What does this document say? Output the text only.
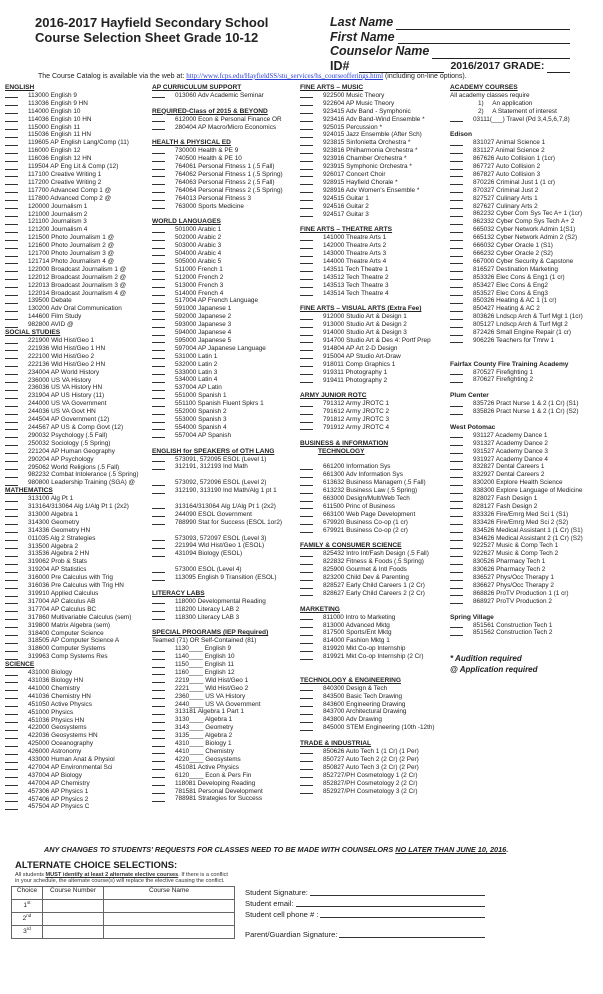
2016-2017 Hayfield Secondary School
Course Selection Sheet Grade 10-12
Last Name
First Name
Counselor Name
ID#	2016/2017 GRADE:
The Course Catalog is available via the web at: http://www.fcps.edu/HayfieldSS/stu_services/hs_courseofferings.html (including on-line options).
ENGLISH
113000 English 9
113036 English 9 HN
114000 English 10
114036 English 10 HN
115000 English 11
115036 English 11 HN
119605 AP English Lang/Comp (11)
116000 English 12
116036 English 12 HN
119504 AP Eng Lit & Comp (12)
117100 Creative Writing 1
117200 Creative Writing 2
117700 Advanced Comp 1 @
117800 Advanced Comp 2 @
120000 Journalism 1
121000 Journalism 2
121100 Journalism 3
121200 Journalism 4
121500 Photo Journalism 1 @
121600 Photo Journalism 2 @
121700 Photo Journalism 3 @
121714 Photo Journalism 4 @
122000 Broadcast Journalism 1 @
122012 Broadcast Journalism 2 @
122013 Broadcast Journalism 3 @
122014 Broadcast Journalism 4 @
139500 Debate
130200 Adv Oral Communication
144600 Film Study
982800 AVID @
SOCIAL STUDIES
221900 Wld Hist/Geo 1
221936 Wld Hist/Geo 1 HN
222100 Wld Hist/Geo 2
222136 Wld Hist/Geo 2 HN
234004 AP World History
236000 US VA History
236036 US VA History HN
231904 AP US History (11)
244000 US VA Government
244036 US VA Govt HN
244504 AP Government (12)
244567 AP US & Comp Govt (12)
290032 Psychology (.5 Fall)
250032 Sociology (.5 Spring)
221204 AP Human Geography
290204 AP Psychology
295062 World Religions (.5 Fall)
982232 Combat Intolerance (.5 Spring)
980800 Leadership Training (SGA) @
MATHEMATICS
313100 Alg Pt 1
313164/313064 Alg 1/Alg Pt 1 (2x2)
313000 Algebra 1
314300 Geometry
314336 Geometry HN
011035 Alg 2 Strategies
313500 Algebra 2
313536 Algebra 2 HN
319062 Prob & Stats
319204 AP Statistics
316000 Pre Calculus with Trig
316036 Pre Calculus with Trig HN
319910 Applied Calculus
317004 AP Calculus AB
317704 AP Calculus BC
317860 Multivariable Calculus (sem)
319800 Matrix Algebra (sem)
318400 Computer Science
318505 AP Computer Science A
318600 Computer Systems
319963 Comp Systems Res
SCIENCE
431000 Biology
431036 Biology HN
441000 Chemistry
441036 Chemistry HN
451050 Active Physics
451000 Physics
451036 Physics HN
422000 Geosystems
422036 Geosystems HN
425000 Oceanography
426000 Astronomy
433000 Human Anat & Physiol
427004 AP Environmental Sci
437004 AP Biology
447004 AP Chemistry
457306 AP Physics 1
457406 AP Physics 2
457504 AP Physics C
AP CURRICULUM SUPPORT
013060 Adv Academic Seminar
REQUIRED-Class of 2015 & BEYOND
612000 Econ & Personal Finance OR
280404 AP Macro/Micro Economics
HEALTH & PHYSICAL ED
730000 Health & PE 9
740500 Health & PE 10
764061 Personal Fitness 1 (.5 Fall)
764062 Personal Fitness 1 (.5 Spring)
764063 Personal Fitness 2 (.5 Fall)
764064 Personal Fitness 2 (.5 Spring)
764013 Personal Fitness 3
763000 Sports Medicine
WORLD LANGUAGES
501000 Arabic 1
502000 Arabic 2
503000 Arabic 3
504000 Arabic 4
505000 Arabic 5
511000 French 1
512000 French 2
513000 French 3
514000 French 4
517004 AP French Language
591000 Japanese 1
592000 Japanese 2
593000 Japanese 3
594000 Japanese 4
595000 Japanese 5
597004 AP Japanese Language
531000 Latin 1
532000 Latin 2
533000 Latin 3
534000 Latin 4
537004 AP Latin
551000 Spanish 1
551100 Spanish Fluent Spkrs 1
552000 Spanish 2
553000 Spanish 3
554000 Spanish 4
557004 AP Spanish
ENGLISH for SPEAKERS of OTH LANG
573091, 572095 ESOL (Level 1)
312191, 312193 Ind Math
573092, 572096 ESOL (Level 2)
312190, 313190 Ind Math/Alg 1 pt 1
313164/313064 Alg 1/Alg Pt 1 (2x2)
244090 ESOL Government
788990 Stat for Success (ESOL 1or2)
573093, 572097 ESOL (Level 3)
221994 Wld Hist/Geo 1 (ESOL)
431094 Biology (ESOL)
573000 ESOL (Level 4)
113095 English 9 Transition (ESOL)
LITERACY LABS
118000 Developmental Reading
118200 Literacy LAB 2
118300 Literacy LAB 3
SPECIAL PROGRAMS (IEP Required)
Teamed (71) OR Self-Contained (81)
1130____ English 9
1140____ English 10
1150____ English 11
1160____ English 12
2219____ Wld Hist/Geo 1
2221____ Wld Hist/Geo 2
2360____ US VA History
2440____ US VA Government
313181 Algebra 1 Part 1
3130____ Algebra 1
3143____ Geometry
3135____ Algebra 2
4310____ Biology 1
4410____ Chemistry
4220____ Geosystems
451081 Active Physics
6120____ Econ & Pers Fin
118081 Developing Reading
781581 Personal Development
788981 Strategies for Success
FINE ARTS – MUSIC
922500 Music Theory
922604 AP Music Theory
923415 Adv Band - Symphonic
923416 Adv Band-Wind Ensemble *
925015 Percussion *
924015 Jazz Ensemble (After Sch)
923815 Sinfonietta Orchestra *
923816 Philharmonia Orchestra *
923916 Chamber Orchestra *
923915 Symphonic Orchestra *
926017 Concert Choir
928915 Hayfield Chorale *
928916 Adv Women's Ensemble *
924515 Guitar 1
924516 Guitar 2
924517 Guitar 3
FINE ARTS – THEATRE ARTS
141000 Theatre Arts 1
142000 Theatre Arts 2
143000 Theatre Arts 3
144000 Theatre Arts 4
143511 Tech Theatre 1
143512 Tech Theatre 2
143513 Tech Theatre 3
143514 Tech Theatre 4
FINE ARTS – VISUAL ARTS (Extra Fee)
912000 Studio Art & Design 1
913000 Studio Art & Design 2
914000 Studio Art & Design 3
914700 Studio Art & Des 4: Portf Prep
914804 AP Art 2-D Design
915004 AP Studio Art-Draw
918011 Comp Graphics 1
919311 Photography 1
919411 Photography 2
ARMY JUNIOR ROTC
791312 Army JROTC 1
791612 Army JROTC 2
791812 Army JROTC 3
791912 Army JROTC 4
BUSINESS & INFORMATION
TECHNOLOGY
661200 Information Sys
661300 Adv Information Sys
613632 Business Managem (.5 Fall)
613232 Business Law (.5 Spring)
663000 Design/Mult/Web Tech
611500 Princ of Business
663100 Web Page Development
679920 Business Co-op (1 cr)
679921 Business Co-op (2 cr)
FAMILY & CONSUMER SCIENCE
825432 Intro Int/Fash Design (.5 Fall)
822832 Fitness & Foods (.5 Spring)
825900 Gourmet & Intl Foods
823200 Child Dev & Parenting
828527 Early Child Careers 1 (2 Cr)
828627 Early Child Careers 2 (2 Cr)
MARKETING
811000 Intro to Marketing
813000 Advanced Mktg
817500 Sports/Ent Mktg
814000 Fashion Mktg 1
819920 Mkt Co-op Internship
819921 Mkt Co-op Internship (2 Cr)
TECHNOLOGY & ENGINEERING
840300 Design & Tech
843500 Basic Tech Drawing
843600 Engineering Drawing
843700 Architectural Drawing
843800 Adv Drawing
845000 STEM Engineering (10th -12th)
TRADE & INDUSTRIAL
850626 Auto Tech 1 (1 Cr) (1 Per)
850727 Auto Tech 2 (2 Cr) (2 Per)
850827 Auto Tech 3 (2 Cr) (2 Per)
852727/PH Cosmetology 1 (2 Cr)
852827/PH Cosmetology 2 (2 Cr)
852927/PH Cosmetology 3 (2 Cr)
ACADEMY COURSES
All academy classes require
1)     An application
2)     A Statement of interest
03111(___) Travel (Pd 3,4,5,6,7,8)
Edison
831027 Animal Science 1
831127 Animal Science 2
867626 Auto Collision 1 (1cr)
867727 Auto Collision 2
867827 Auto Collision 3
870226 Criminal Just 1 (1 cr)
870327 Criminal Just 2
827527 Culinary Arts 1
827627 Culinary Arts 2
862232 Cyber Com Sys Tec A+ 1 (1cr)
862332 Cyber Comp Sys Tech A+ 2
665032 Cyber Network Admin 1(S1)
665132 Cyber Network Admin 2 (S2)
666032 Cyber Oracle 1 (S1)
666232 Cyber Oracle 2 (S2)
667000 Cyber Security & Capstone
816527 Destination Marketing
853326 Elec Cons & Eng1 (1 cr)
853427 Elec Cons & Eng2
853527 Elec Cons & Eng3
850326 Heating & AC 1 (1 cr)
850427 Heating & AC 2
803626 Lndscp Arch & Turf Mgt 1 (1cr)
805127 Lndscp Arch & Turf Mgt 2
872426 Small Engine Repair (1 cr)
906226 Teachers for Tmrw 1
Fairfax County Fire Training Academy
870527 Firefighting 1
870627 Firefighting 2
Plum Center
835726 Pract Nurse 1 & 2 (1 Cr) (S1)
835826 Pract Nurse 1 & 2 (1 Cr) (S2)
West Potomac
931127 Academy Dance 1
931327 Academy Dance 2
931527 Academy Dance 3
931927 Academy Dance 4
832827 Dental Careers 1
832927 Dental Careers 2
830200 Explore Health Science
838300 Explore Language of Medicine
828027 Fash Design 1
828127 Fash Design 2
833326 Fire/Emrg Med Sci 1 (S1)
833426 Fire/Emrg Med Sci 2 (S2)
834526 Medical Assistant 1 (1 Cr) (S1)
834626 Medical Assistant 2 (1 Cr) (S2)
922527 Music & Comp Tech 1
922627 Music & Comp Tech 2
830526 Pharmacy Tech 1
830626 Pharmacy Tech 2
836527 Phys/Occ Therapy 1
836627 Phys/Occ Therapy 2
868826 ProTV Production 1 (1 cr)
868927 ProTV Production 2
Spring Village
851561 Construction Tech 1
851562 Construction Tech 2
* Audition required
@ Application required
ANY CHANGES TO STUDENTS' REQUESTS FOR CLASSES NEED TO BE MADE WITH COUNSELORS NO LATER THAN JUNE 10, 2016.
ALTERNATE CHOICE SELECTIONS:
All students MUST identify at least 2 alternate elective courses. If there is a conflict
in your schedule, the alternate course(s) will replace the elective causing the conflict.
Choice	Course Number	Course Name
1st		
2nd		
3rd		
Student Signature:
Student email:
Student cell phone # :
Parent/Guardian Signature:
